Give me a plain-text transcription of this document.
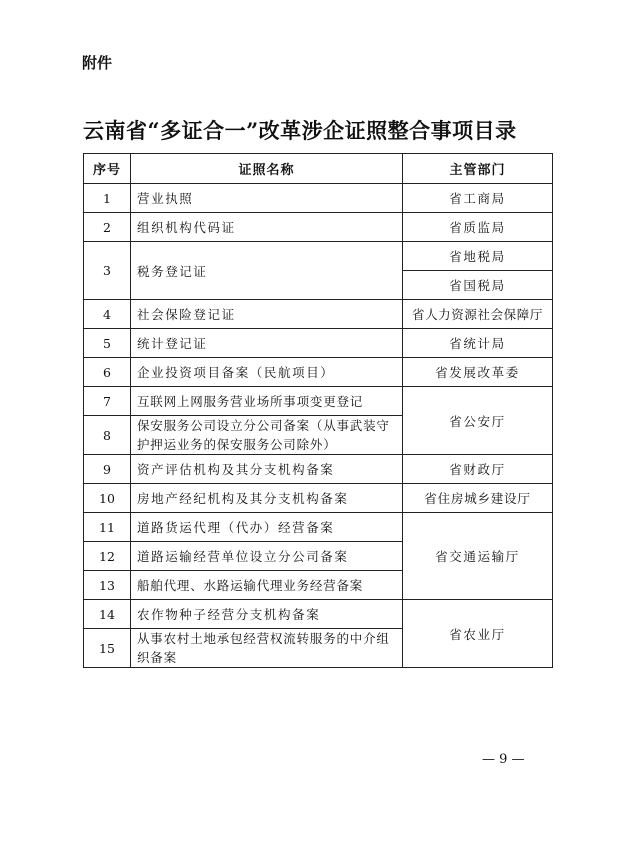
附件
云南省“多证合一”改革涉企证照整合事项目录
序号	证照名称	主管部门
1	营业执照	省工商局
2	组织机构代码证	省质监局
3	税务登记证	省地税局
		省国税局
4	社会保险登记证	省人力资源社会保障厅
5	统计登记证	省统计局
6	企业投资项目备案（民航项目）	省发展改革委
7	互联网上网服务营业场所事项变更登记	省公安厅
8	保安服务公司设立分公司备案（从事武装守护押运业务的保安服务公司除外）	
9	资产评估机构及其分支机构备案	省财政厅
10	房地产经纪机构及其分支机构备案	省住房城乡建设厅
11	道路货运代理（代办）经营备案	省交通运输厅
12	道路运输经营单位设立分公司备案	
13	船舶代理、水路运输代理业务经营备案	
14	农作物种子经营分支机构备案	省农业厅
15	从事农村土地承包经营权流转服务的中介组织备案	
— 9 —
